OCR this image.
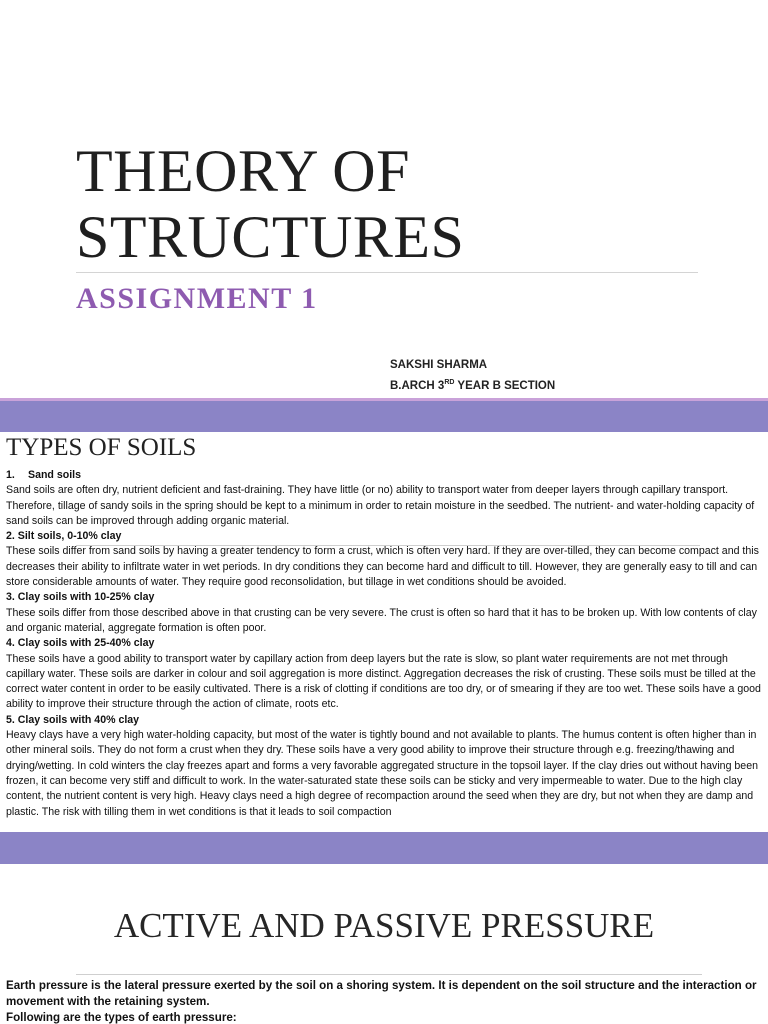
THEORY OF
STRUCTURES
ASSIGNMENT 1
SAKSHI SHARMA
B.ARCH 3RD YEAR B SECTION
TYPES OF SOILS

1. Sand soils

Sand soils are often dry, nutrient deficient and fast-draining. They have little (or no) ability to transport water from deeper layers through capillary transport. Therefore, tillage of sandy soils in the spring should be kept to a minimum in order to retain moisture in the seedbed. The nutrient- and water-holding capacity of sand soils can be improved through adding organic material.

2. Silt soils, 0-10% clay

These soils differ from sand soils by having a greater tendency to form a crust, which is often very hard. If they are over-tilled, they can become compact and this decreases their ability to infiltrate water in wet periods. In dry conditions they can become hard and difficult to till. However, they are generally easy to till and can store considerable amounts of water. They require good reconsolidation, but tillage in wet conditions should be avoided.

3. Clay soils with 10-25% clay

These soils differ from those described above in that crusting can be very severe. The crust is often so hard that it has to be broken up. With low contents of clay and organic material, aggregate formation is often poor.

4. Clay soils with 25-40% clay

These soils have a good ability to transport water by capillary action from deep layers but the rate is slow, so plant water requirements are not met through capillary water. These soils are darker in colour and soil aggregation is more distinct. Aggregation decreases the risk of crusting. These soils must be tilled at the correct water content in order to be easily cultivated. There is a risk of clotting if conditions are too dry, or of smearing if they are too wet. These soils have a good ability to improve their structure through the action of climate, roots etc.

5. Clay soils with 40% clay

Heavy clays have a very high water-holding capacity, but most of the water is tightly bound and not available to plants. The humus content is often higher than in other mineral soils. They do not form a crust when they dry. These soils have a very good ability to improve their structure through e.g. freezing/thawing and drying/wetting. In cold winters the clay freezes apart and forms a very favorable aggregated structure in the topsoil layer. If the clay dries out without having been frozen, it can become very stiff and difficult to work. In the water-saturated state these soils can be sticky and very impermeable to water. Due to the high clay content, the nutrient content is very high. Heavy clays need a high degree of recompaction around the seed when they are dry, but not when they are damp and plastic. The risk with tilling them in wet conditions is that it leads to soil compaction

ACTIVE AND PASSIVE PRESSURE

Earth pressure is the lateral pressure exerted by the soil on a shoring system. It is dependent on the soil structure and the interaction or movement with the retaining system.

Following are the types of earth pressure:
